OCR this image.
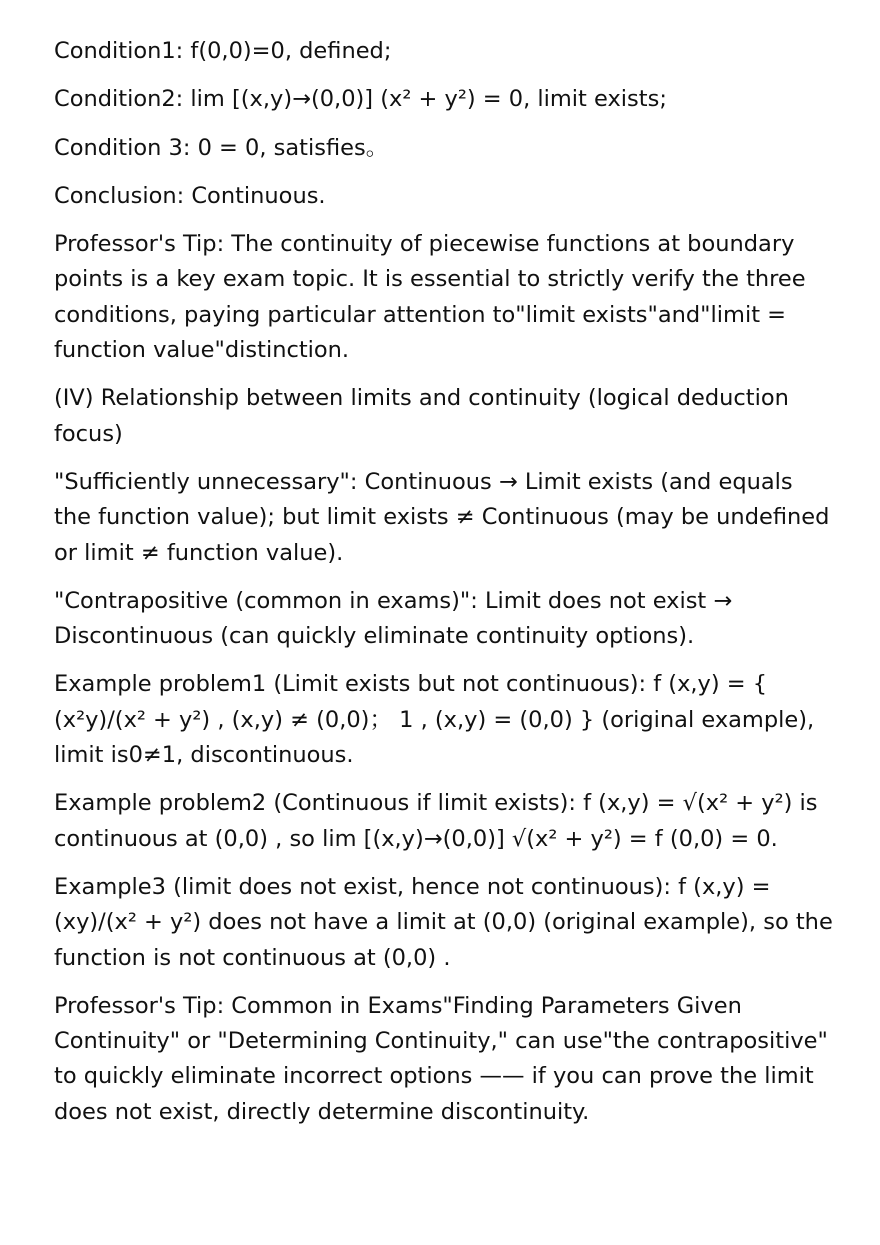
Condition1: f(0,0)=0, defined;

Condition2: lim [(x,y)→(0,0)] (x² + y²) = 0, limit exists;

Condition 3: 0 = 0, satisfies。

Conclusion: Continuous.

Professor's Tip: The continuity of piecewise functions at boundary points is a key exam topic. It is essential to strictly verify the three conditions, paying particular attention to"limit exists"and"limit = function value"distinction.

(IV) Relationship between limits and continuity (logical deduction focus)

"Sufficiently unnecessary": Continuous → Limit exists (and equals the function value); but limit exists ≠ Continuous (may be undefined or limit ≠ function value).

"Contrapositive (common in exams)": Limit does not exist → Discontinuous (can quickly eliminate continuity options).

Example problem1 (Limit exists but not continuous): f (x,y) = { (x²y)/(x² + y²) , (x,y) ≠ (0,0)； 1 , (x,y) = (0,0) } (original example), limit is0≠1, discontinuous.

Example problem2 (Continuous if limit exists): f (x,y) = √(x² + y²) is continuous at (0,0) , so lim [(x,y)→(0,0)] √(x² + y²) = f (0,0) = 0.

Example3 (limit does not exist, hence not continuous): f (x,y) = (xy)/(x² + y²) does not have a limit at (0,0) (original example), so the function is not continuous at (0,0) .

Professor's Tip: Common in Exams"Finding Parameters Given Continuity" or "Determining Continuity," can use"the contrapositive" to quickly eliminate incorrect options —— if you can prove the limit does not exist, directly determine discontinuity.
